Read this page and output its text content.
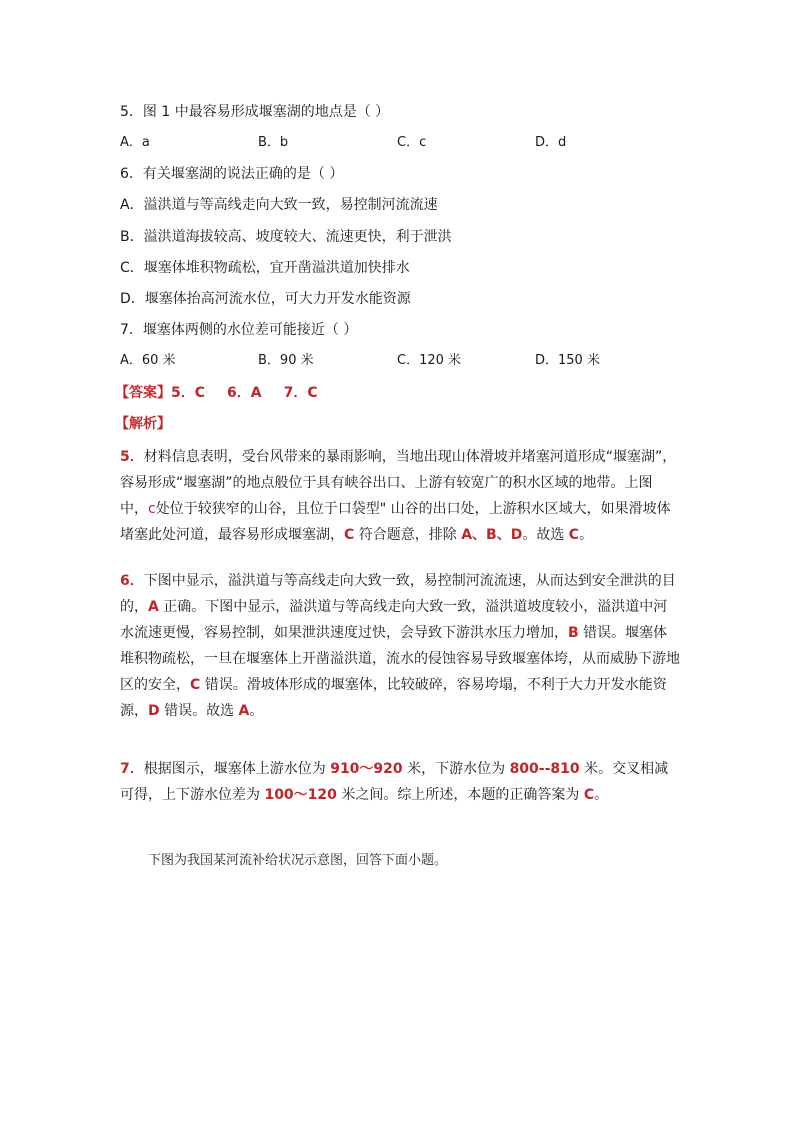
5．图 1 中最容易形成堰塞湖的地点是（ ）
A．a	B．b	C．c	D．d
6．有关堰塞湖的说法正确的是（ ）
A．溢洪道与等高线走向大致一致，易控制河流流速
B．溢洪道海拔较高、坡度较大、流速更快，利于泄洪
C．堰塞体堆积物疏松，宜开凿溢洪道加快排水
D．堰塞体抬高河流水位，可大力开发水能资源
7．堰塞体两侧的水位差可能接近（ ）
A．60 米	B．90 米	C．120 米	D．150 米
【答案】5．C 6．A 7．C
【解析】
5．材料信息表明，受台风带来的暴雨影响，当地出现山体滑坡并堵塞河道形成“堰塞湖”，容易形成“堰塞湖”的地点般位于具有峡谷出口、上游有较宽广的积水区域的地带。上图中，c处位于较狭窄的山谷，且位于口袋型" 山谷的出口处，上游积水区域大，如果滑坡体堵塞此处河道，最容易形成堰塞湖，C 符合题意，排除 A、B、D。故选 C。
6．下图中显示，溢洪道与等高线走向大致一致，易控制河流流速，从而达到安全泄洪的目的，A 正确。下图中显示，溢洪道与等高线走向大致一致，溢洪道坡度较小，溢洪道中河水流速更慢，容易控制，如果泄洪速度过快，会导致下游洪水压力增加，B 错误。堰塞体堆积物疏松，一旦在堰塞体上开凿溢洪道，流水的侵蚀容易导致堰塞体垮，从而威胁下游地区的安全，C 错误。滑坡体形成的堰塞体，比较破碎，容易垮塌，不利于大力开发水能资源，D 错误。故选 A。
7．根据图示，堰塞体上游水位为 910～920 米，下游水位为 800--810 米。交叉相减可得，上下游水位差为 100～120 米之间。综上所述，本题的正确答案为 C。
下图为我国某河流补给状况示意图，回答下面小题。
